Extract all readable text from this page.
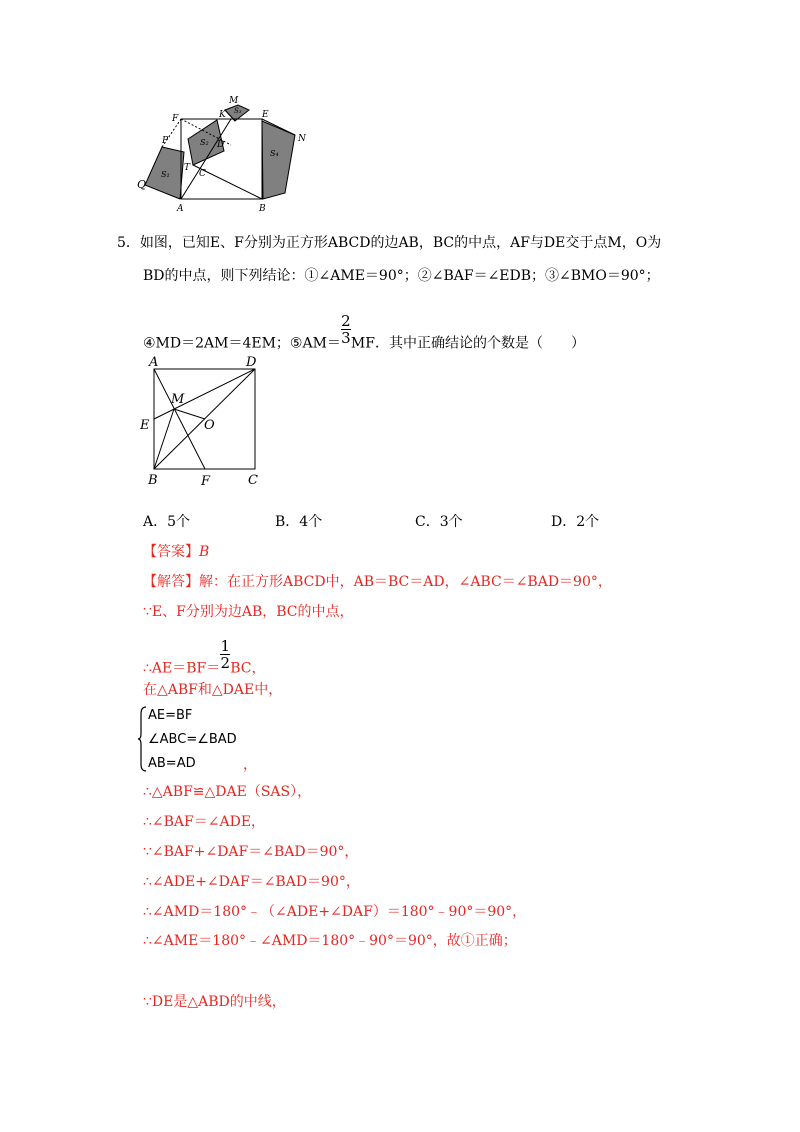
M
E
F	K S₃
S₂ D
N
P
S₄
T
C
Q
S₁
A	B
5．如图，已知E、F分别为正方形ABCD的边AB，BC的中点，AF与DE交于点M，O为
BD的中点，则下列结论：①∠AME＝90°；②∠BAF＝∠EDB；③∠BMO＝90°；
④MD＝2AM＝4EM；⑤AM＝ $\frac{2}{3}$ MF．其中正确结论的个数是（　　）
A	D
M
E	O
B	F	C
A．5个	B．4个	C．3个	D．2个
【答案】B
【解答】解：在正方形ABCD中，AB＝BC＝AD，∠ABC＝∠BAD＝90°，
∵E、F分别为边AB，BC的中点，
∴AE＝BF＝ $\frac{1}{2}$ BC，
在△ABF和△DAE中，
AE=BF
∠ABC=∠BAD
AB=AD	，
∴△ABF≌△DAE（SAS），
∴∠BAF＝∠ADE，
∵∠BAF+∠DAF＝∠BAD＝90°，
∴∠ADE+∠DAF＝∠BAD＝90°，
∴∠AMD＝180°﹣（∠ADE+∠DAF）＝180°﹣90°＝90°，
∴∠AME＝180°﹣∠AMD＝180°﹣90°＝90°，故①正确；
∵DE是△ABD的中线，
